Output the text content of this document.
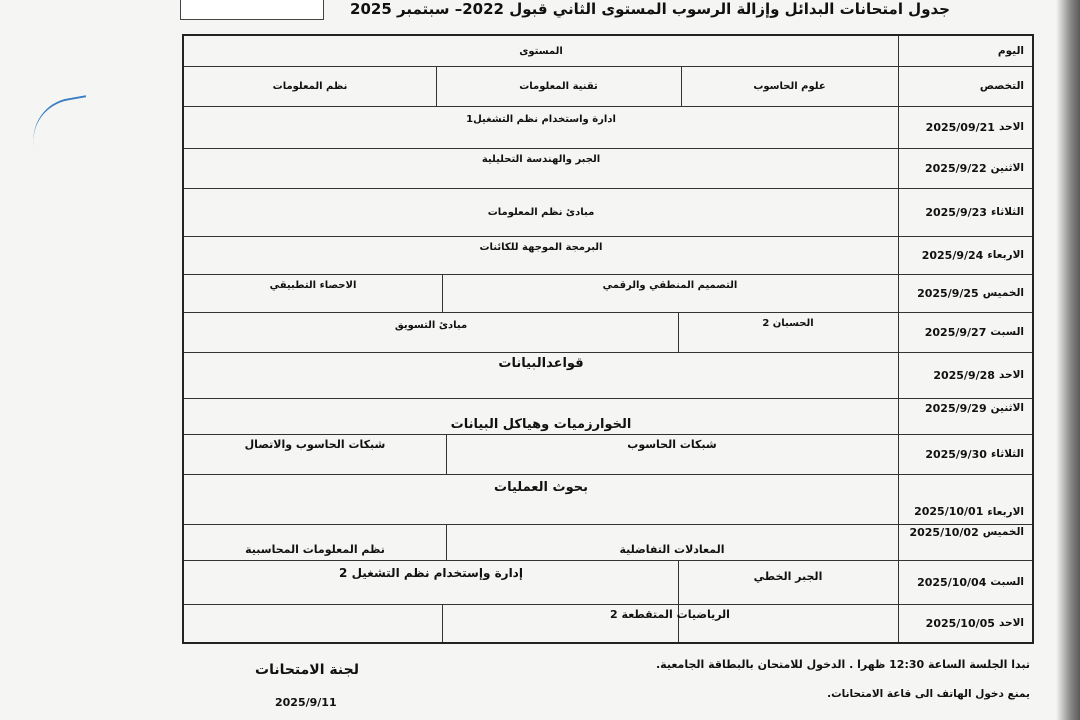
جدول امتحانات البدائل وإزالة الرسوب المستوى الثاني قبول 2022– سبتمبر 2025
اليوم
المستوى
التخصص
علوم الحاسوب
تقنية المعلومات
نظم المعلومات
الاحد
2025/09/21
ادارة واستخدام نظم التشغيل1
الاثنين
2025/9/22
الجبر والهندسة التحليلية
الثلاثاء
2025/9/23
مبادئ نظم المعلومات
الاربعاء
2025/9/24
البرمجة الموجهة للكائنات
الخميس
2025/9/25
التصميم المنطقي والرقمي
الاحصاء التطبيقي
السبت
2025/9/27
الحسبان 2
مبادئ التسويق
الاحد
2025/9/28
قواعدالبيانات
الاثنين
2025/9/29
الخوارزميات وهياكل البيانات
الثلاثاء
2025/9/30
شبكات الحاسوب
شبكات الحاسوب والاتصال
الاربعاء
2025/10/01
بحوث العمليات
الخميس
2025/10/02
المعادلات التفاضلية
نظم المعلومات المحاسبية
السبت
2025/10/04
الجبر الخطي
إدارة وإستخدام نظم التشغيل 2
الاحد
2025/10/05
الرياضيات المتقطعة 2
تبدا الجلسة الساعة 12:30 ظهرا . الدخول للامتحان بالبطاقة الجامعية.
يمنع دخول الهاتف الى قاعة الامتحانات.
لجنة الامتحانات
2025/9/11
